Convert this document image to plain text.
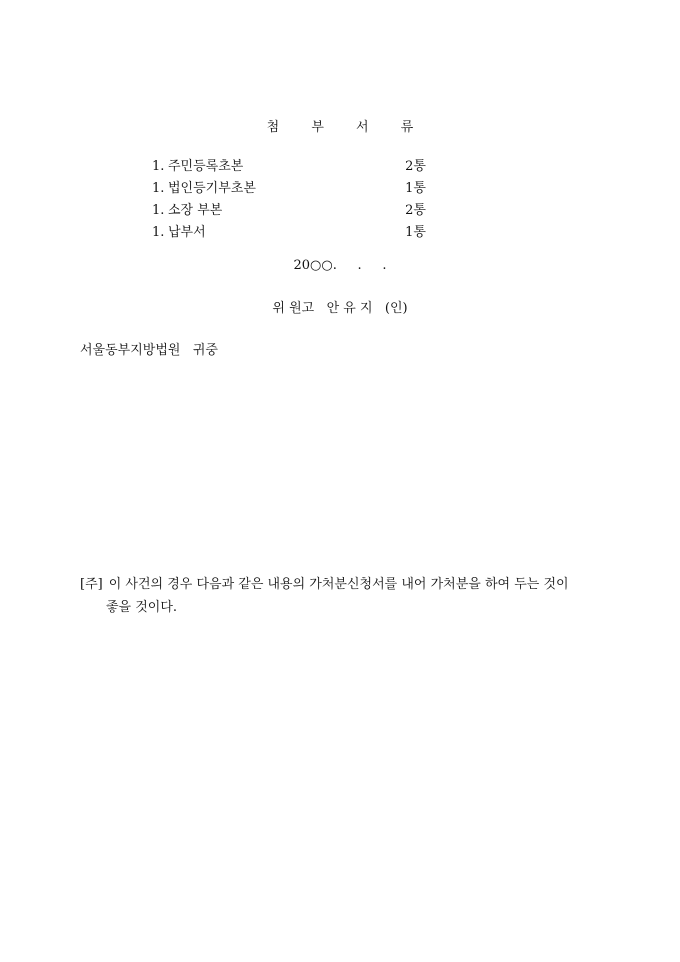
첨 부 서 류
1. 주민등록초본	2통
1. 법인등기부초본	1통
1. 소장 부본	2통
1. 납부서	1통
20○○.     .     .
위 원고   안 유 지   (인)
서울동부지방법원   귀중
[주] 이 사건의 경우 다음과 같은 내용의 가처분신청서를 내어 가처분을 하여 두는 것이
좋을 것이다.
